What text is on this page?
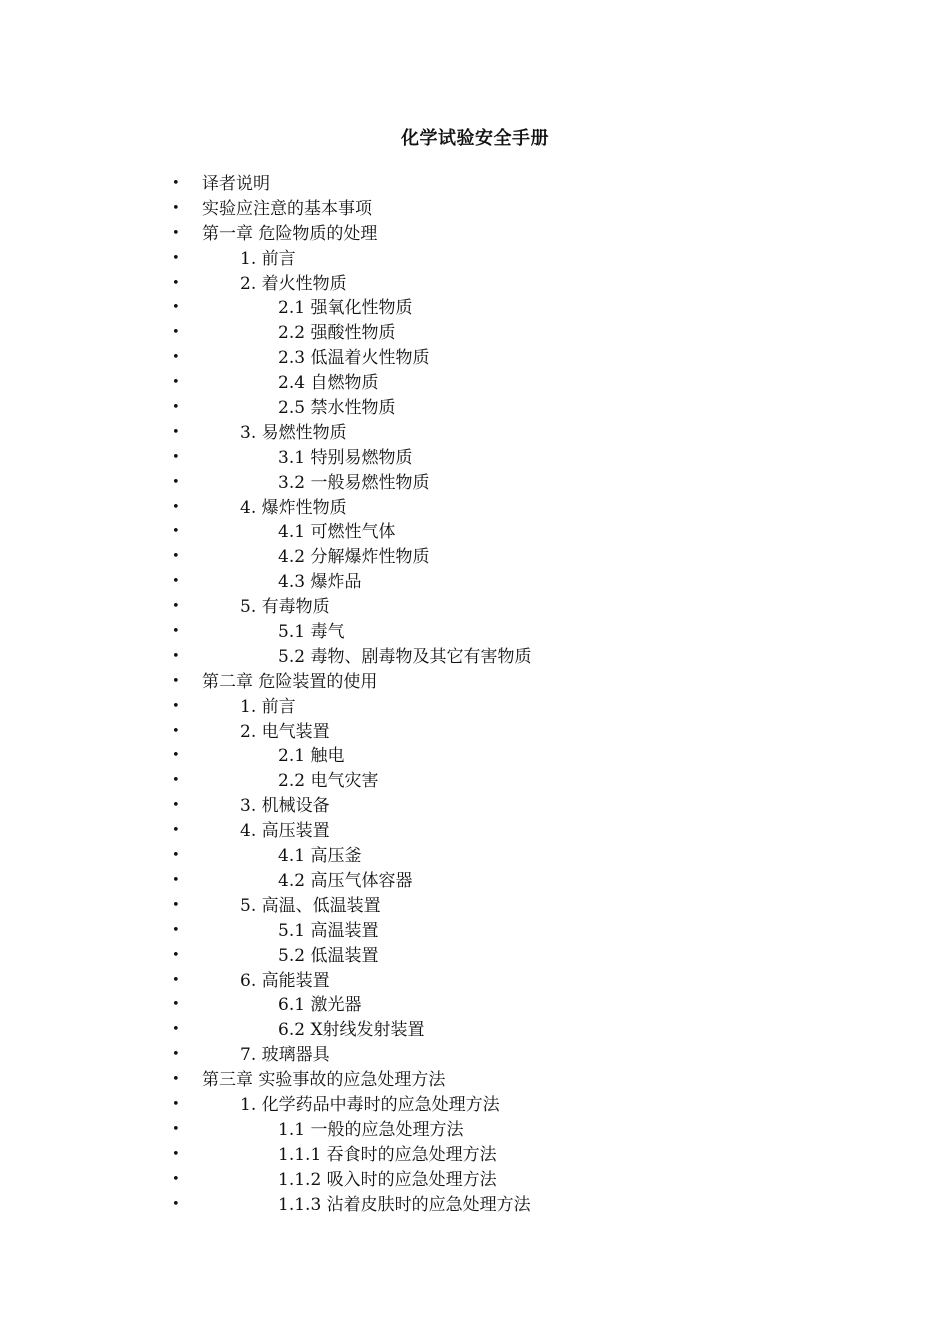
化学试验安全手册
• 译者说明
• 实验应注意的基本事项
• 第一章 危险物质的处理
•	1. 前言
•	2. 着火性物质
•	2.1 强氧化性物质
•	2.2 强酸性物质
•	2.3 低温着火性物质
•	2.4 自燃物质
•	2.5 禁水性物质
•	3. 易燃性物质
•	3.1 特别易燃物质
•	3.2 一般易燃性物质
•	4. 爆炸性物质
•	4.1 可燃性气体
•	4.2 分解爆炸性物质
•	4.3 爆炸品
•	5. 有毒物质
•	5.1 毒气
•	5.2 毒物、剧毒物及其它有害物质
• 第二章 危险装置的使用
•	1. 前言
•	2. 电气装置
•	2.1 触电
•	2.2 电气灾害
•	3. 机械设备
•	4. 高压装置
•	4.1 高压釜
•	4.2 高压气体容器
•	5. 高温、低温装置
•	5.1 高温装置
•	5.2 低温装置
•	6. 高能装置
•	6.1 激光器
•	6.2 X射线发射装置
•	7. 玻璃器具
• 第三章 实验事故的应急处理方法
•	1. 化学药品中毒时的应急处理方法
•	1.1 一般的应急处理方法
•	1.1.1 吞食时的应急处理方法
•	1.1.2 吸入时的应急处理方法
•	1.1.3 沾着皮肤时的应急处理方法
